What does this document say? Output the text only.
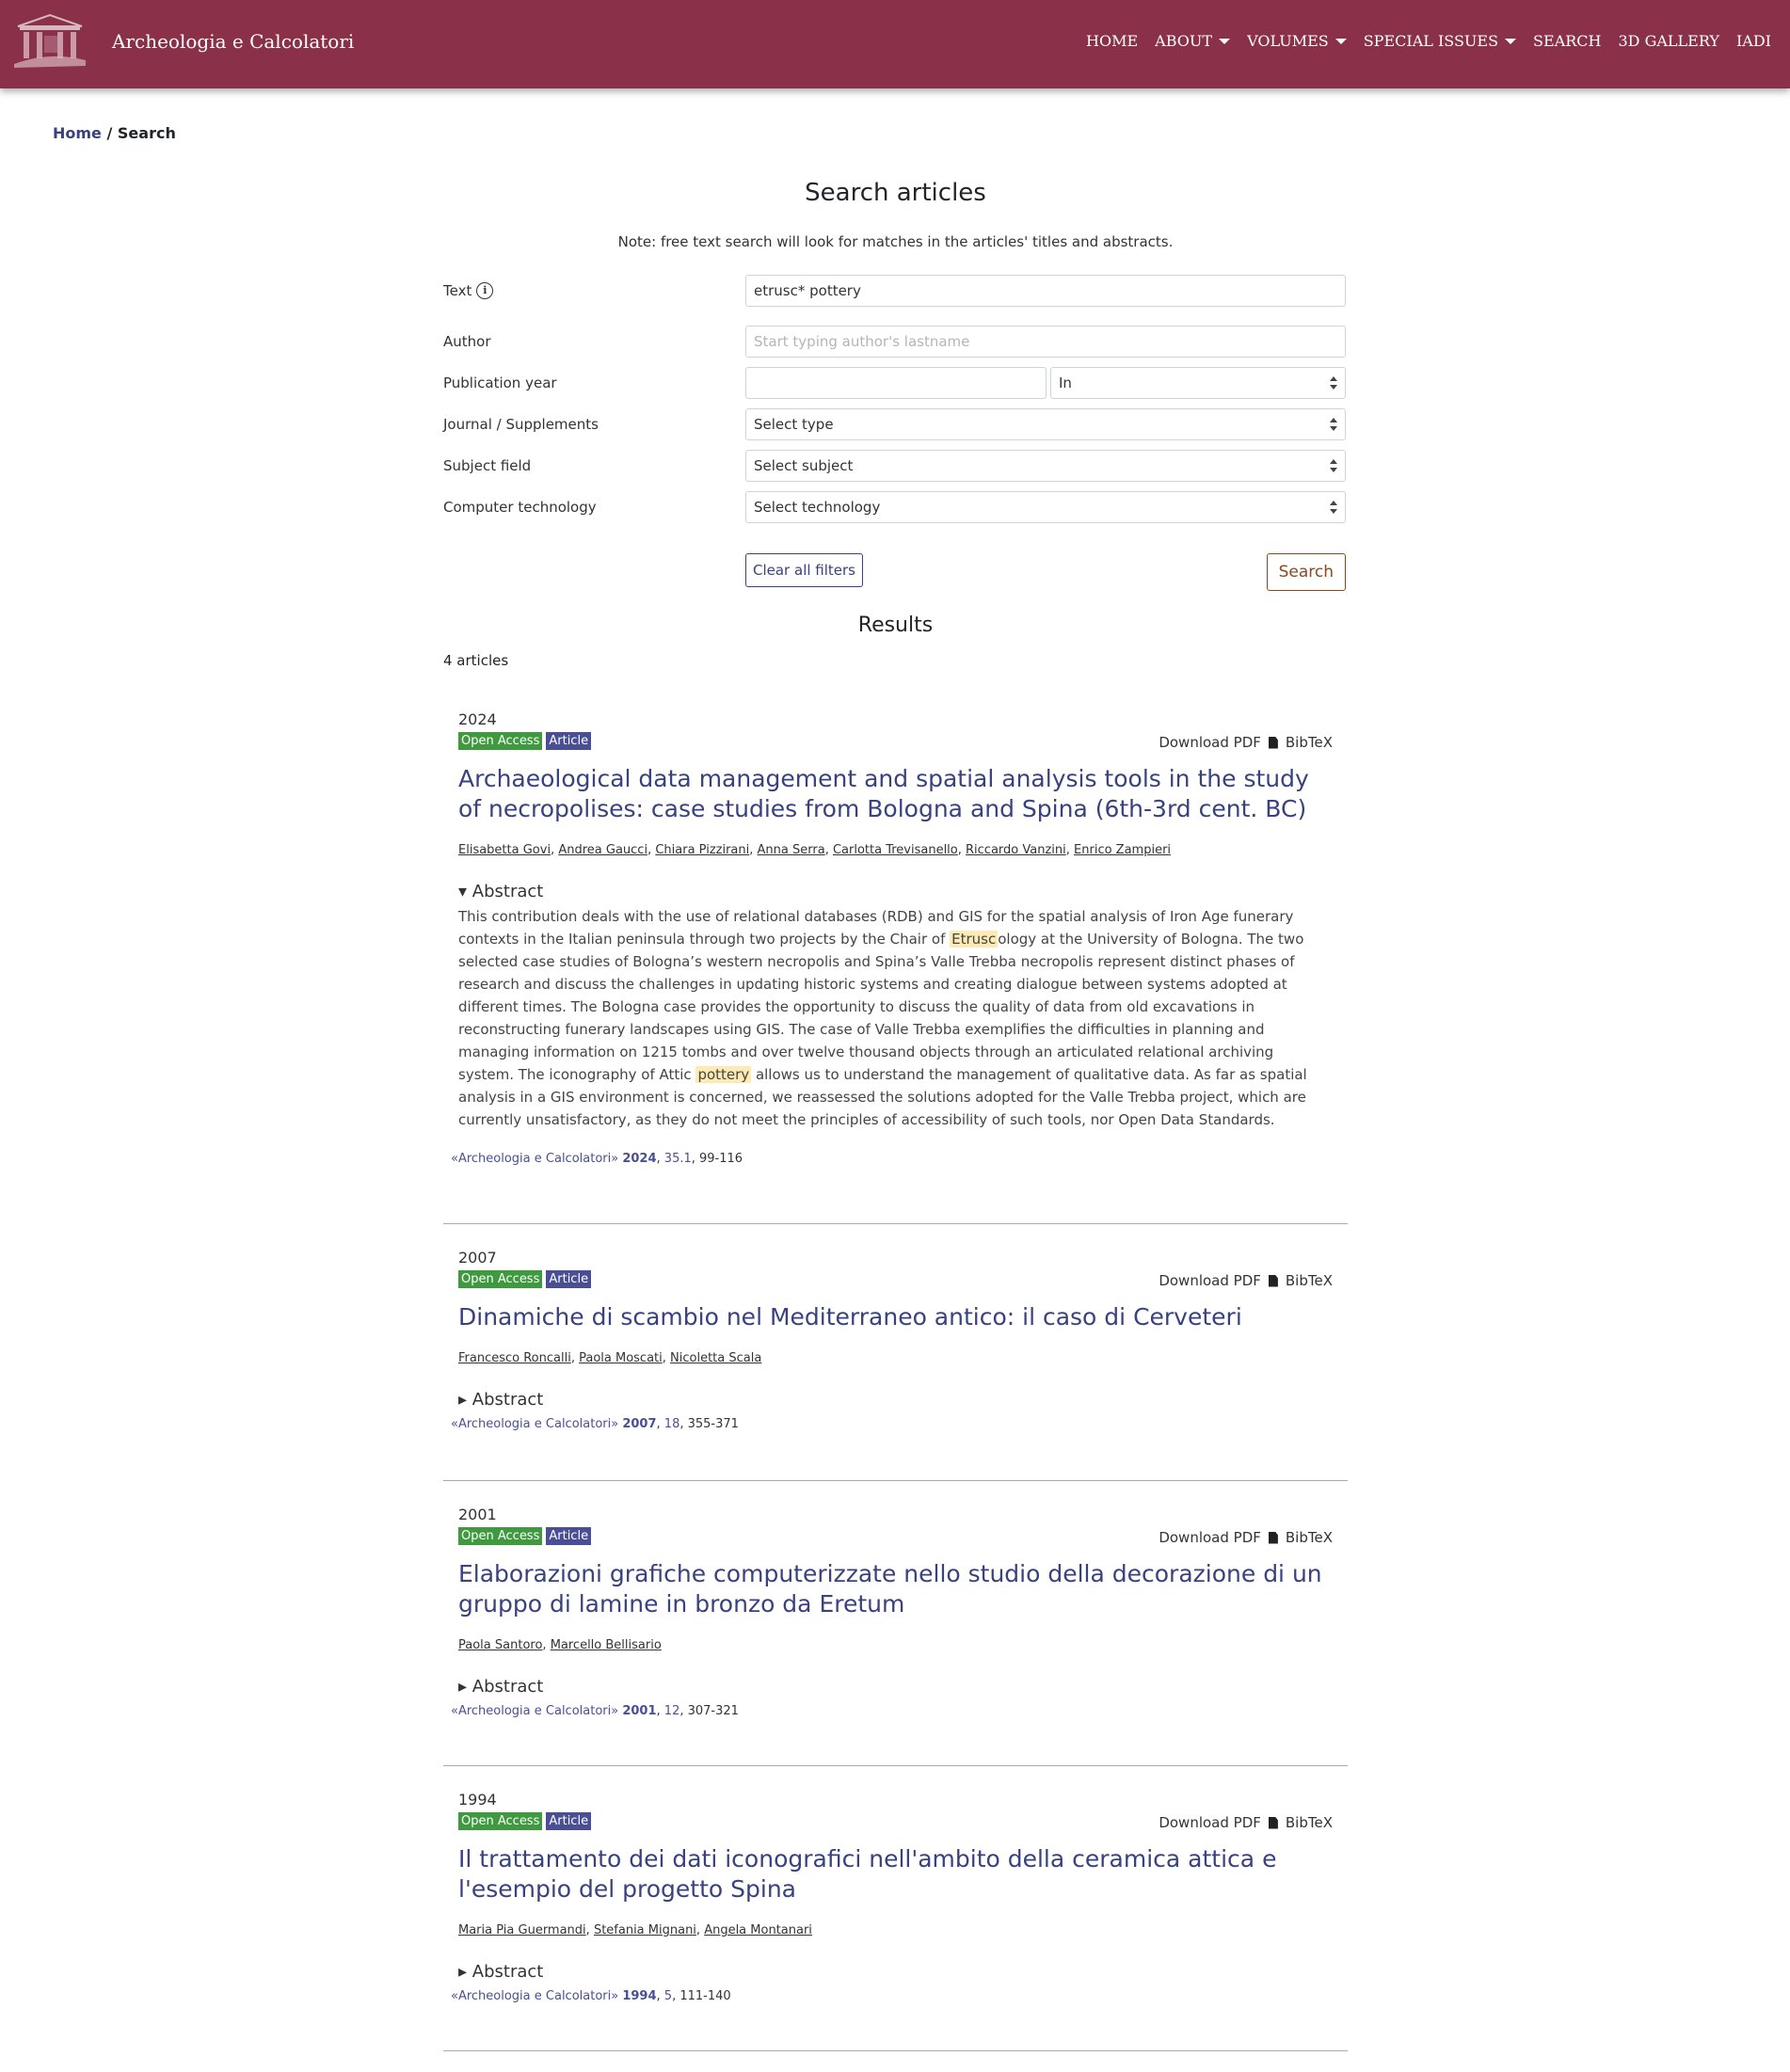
Archeologia e Calcolatori	HOME ABOUT VOLUMES SPECIAL ISSUES SEARCH 3D GALLERY IADI
Home / Search
Search articles
Note: free text search will look for matches in the articles' titles and abstracts.
Text	i	etrusc* pottery
Author	Start typing author's lastname
Publication year	In
Journal / Supplements	Select type
Subject field	Select subject
Computer technology	Select technology
Clear all filters	Search
Results
4 articles
2024
Open Access Article	Download PDF BibTeX
Archaeological data management and spatial analysis tools in the study of necropolises: case studies from Bologna and Spina (6th-3rd cent. BC)
Elisabetta Govi, Andrea Gaucci, Chiara Pizzirani, Anna Serra, Carlotta Trevisanello, Riccardo Vanzini, Enrico Zampieri
▾ Abstract
This contribution deals with the use of relational databases (RDB) and GIS for the spatial analysis of Iron Age funerary contexts in the Italian peninsula through two projects by the Chair of Etrusc ology at the University of Bologna. The two selected case studies of Bologna’s western necropolis and Spina’s Valle Trebba necropolis represent distinct phases of research and discuss the challenges in updating historic systems and creating dialogue between systems adopted at different times. The Bologna case provides the opportunity to discuss the quality of data from old excavations in reconstructing funerary landscapes using GIS. The case of Valle Trebba exemplifies the difficulties in planning and managing information on 1215 tombs and over twelve thousand objects through an articulated relational archiving system. The iconography of Attic pottery allows us to understand the management of qualitative data. As far as spatial analysis in a GIS environment is concerned, we reassessed the solutions adopted for the Valle Trebba project, which are currently unsatisfactory, as they do not meet the principles of accessibility of such tools, nor Open Data Standards.
«Archeologia e Calcolatori» 2024, 35.1, 99-116
2007
Open Access Article	Download PDF BibTeX
Dinamiche di scambio nel Mediterraneo antico: il caso di Cerveteri
Francesco Roncalli, Paola Moscati, Nicoletta Scala
▸ Abstract
«Archeologia e Calcolatori» 2007, 18, 355-371
2001
Open Access Article	Download PDF BibTeX
Elaborazioni grafiche computerizzate nello studio della decorazione di un gruppo di lamine in bronzo da Eretum
Paola Santoro, Marcello Bellisario
▸ Abstract
«Archeologia e Calcolatori» 2001, 12, 307-321
1994
Open Access Article	Download PDF BibTeX
Il trattamento dei dati iconografici nell'ambito della ceramica attica e l'esempio del progetto Spina
Maria Pia Guermandi, Stefania Mignani, Angela Montanari
▸ Abstract
«Archeologia e Calcolatori» 1994, 5, 111-140
